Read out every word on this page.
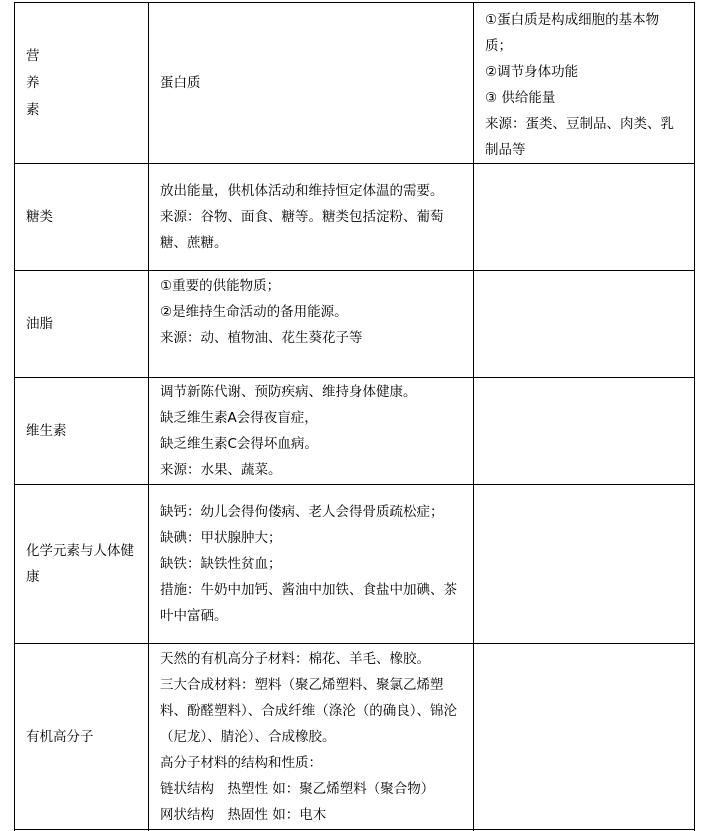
营
养
素	蛋白质	①蛋白质是构成细胞的基本物质；
②调节身体功能
③ 供给能量
来源：蛋类、豆制品、肉类、乳制品等

糖类	放出能量，供机体活动和维持恒定体温的需要。
来源：谷物、面食、糖等。糖类包括淀粉、葡萄糖、蔗糖。	

油脂	①重要的供能物质；
②是维持生命活动的备用能源。
来源：动、植物油、花生葵花子等	

维生素	调节新陈代谢、预防疾病、维持身体健康。
缺乏维生素A会得夜盲症，
缺乏维生素C会得坏血病。
来源：水果、蔬菜。	

化学元素与人体健康	缺钙：幼儿会得佝偻病、老人会得骨质疏松症；
缺碘：甲状腺肿大；
缺铁：缺铁性贫血；
措施：牛奶中加钙、酱油中加铁、食盐中加碘、茶叶中富硒。	

有机高分子	天然的有机高分子材料：棉花、羊毛、橡胶。
三大合成材料：塑料（聚乙烯塑料、聚氯乙烯塑料、酚醛塑料）、合成纤维（涤沦（的确良）、锦沦（尼龙）、腈沦）、合成橡胶。
高分子材料的结构和性质：
链状结构　热塑性 如：聚乙烯塑料（聚合物）
网状结构　热固性 如：电木	
